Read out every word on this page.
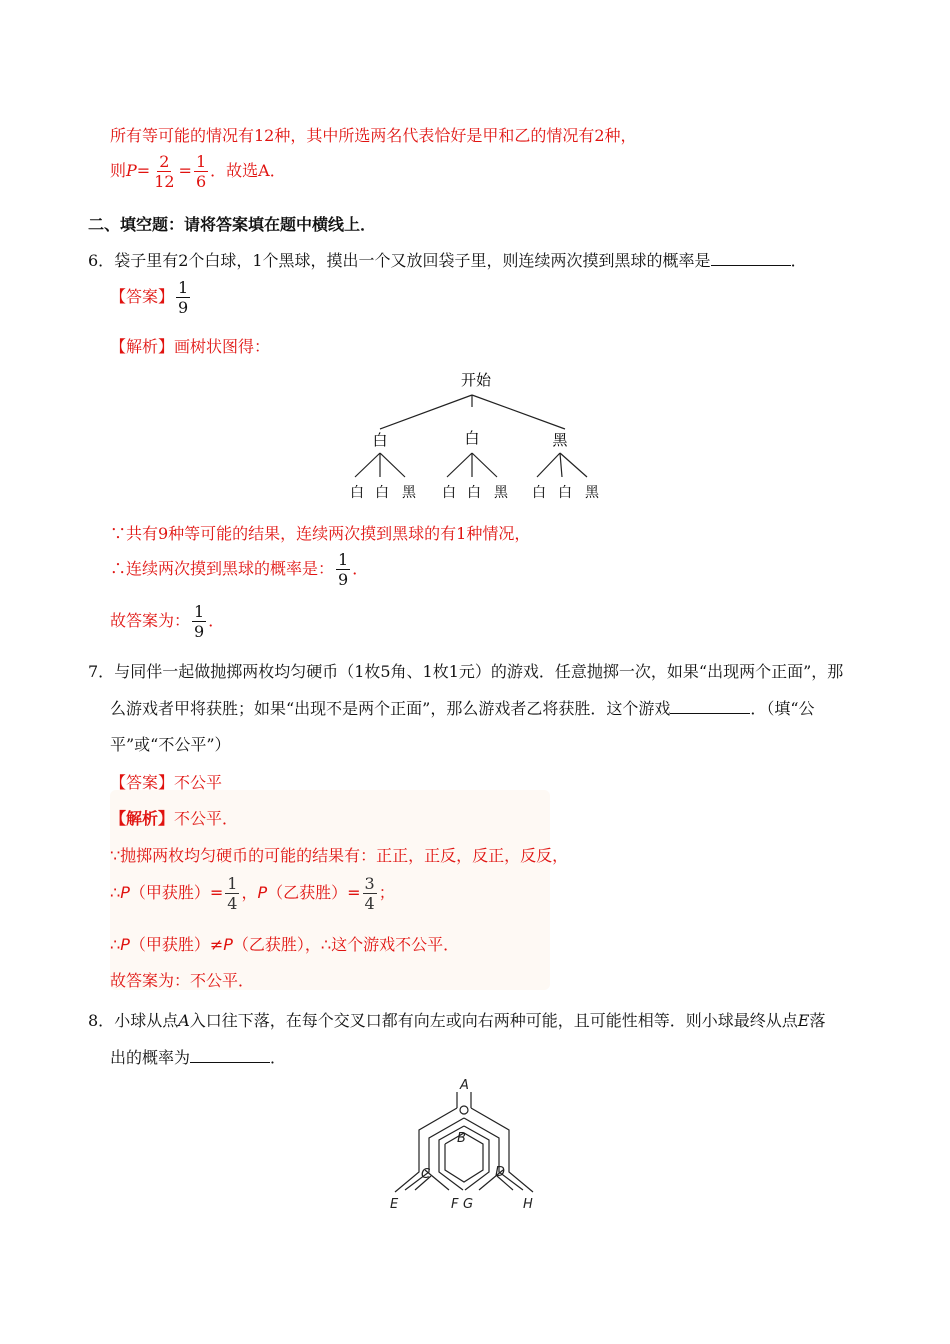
所有等可能的情况有12种，其中所选两名代表恰好是甲和乙的情况有2种，
则$P= \frac{2}{12} = \frac{1}{6}$ ．故选A．
二、填空题：请将答案填在题中横线上．
6．袋子里有2个白球，1个黑球，摸出一个又放回袋子里，则连续两次摸到黑球的概率是	．
【答案】 $\frac{1}{9}$
【解析】画树状图得：
开始
白	白	黑
白 白 黑 白 白 黑 白 白 黑
∵共有9种等可能的结果，连续两次摸到黑球的有1种情况，
∴连续两次摸到黑球的概率是： $\frac{1}{9}$ ．
故答案为： $\frac{1}{9}$ ．
7．与同伴一起做抛掷两枚均匀硬币（1枚5角、1枚1元）的游戏．任意抛掷一次，如果“出现两个正面”，那
么游戏者甲将获胜；如果“出现不是两个正面”，那么游戏者乙将获胜．这个游戏	．（填“公
平”或“不公平”）
【答案】不公平
【解析】不公平．
∵抛掷两枚均匀硬币的可能的结果有：正正，正反，反正，反反，
∴P（甲获胜）= $\frac{1}{4}$ ，P（乙获胜）= $\frac{3}{4}$ ；
∴P（甲获胜）≠P（乙获胜），∴这个游戏不公平．
故答案为：不公平．
8．小球从点A入口往下落，在每个交叉口都有向左或向右两种可能，且可能性相等．则小球最终从点E落
出的概率为	．
A
B
C	D
E	F G	H
